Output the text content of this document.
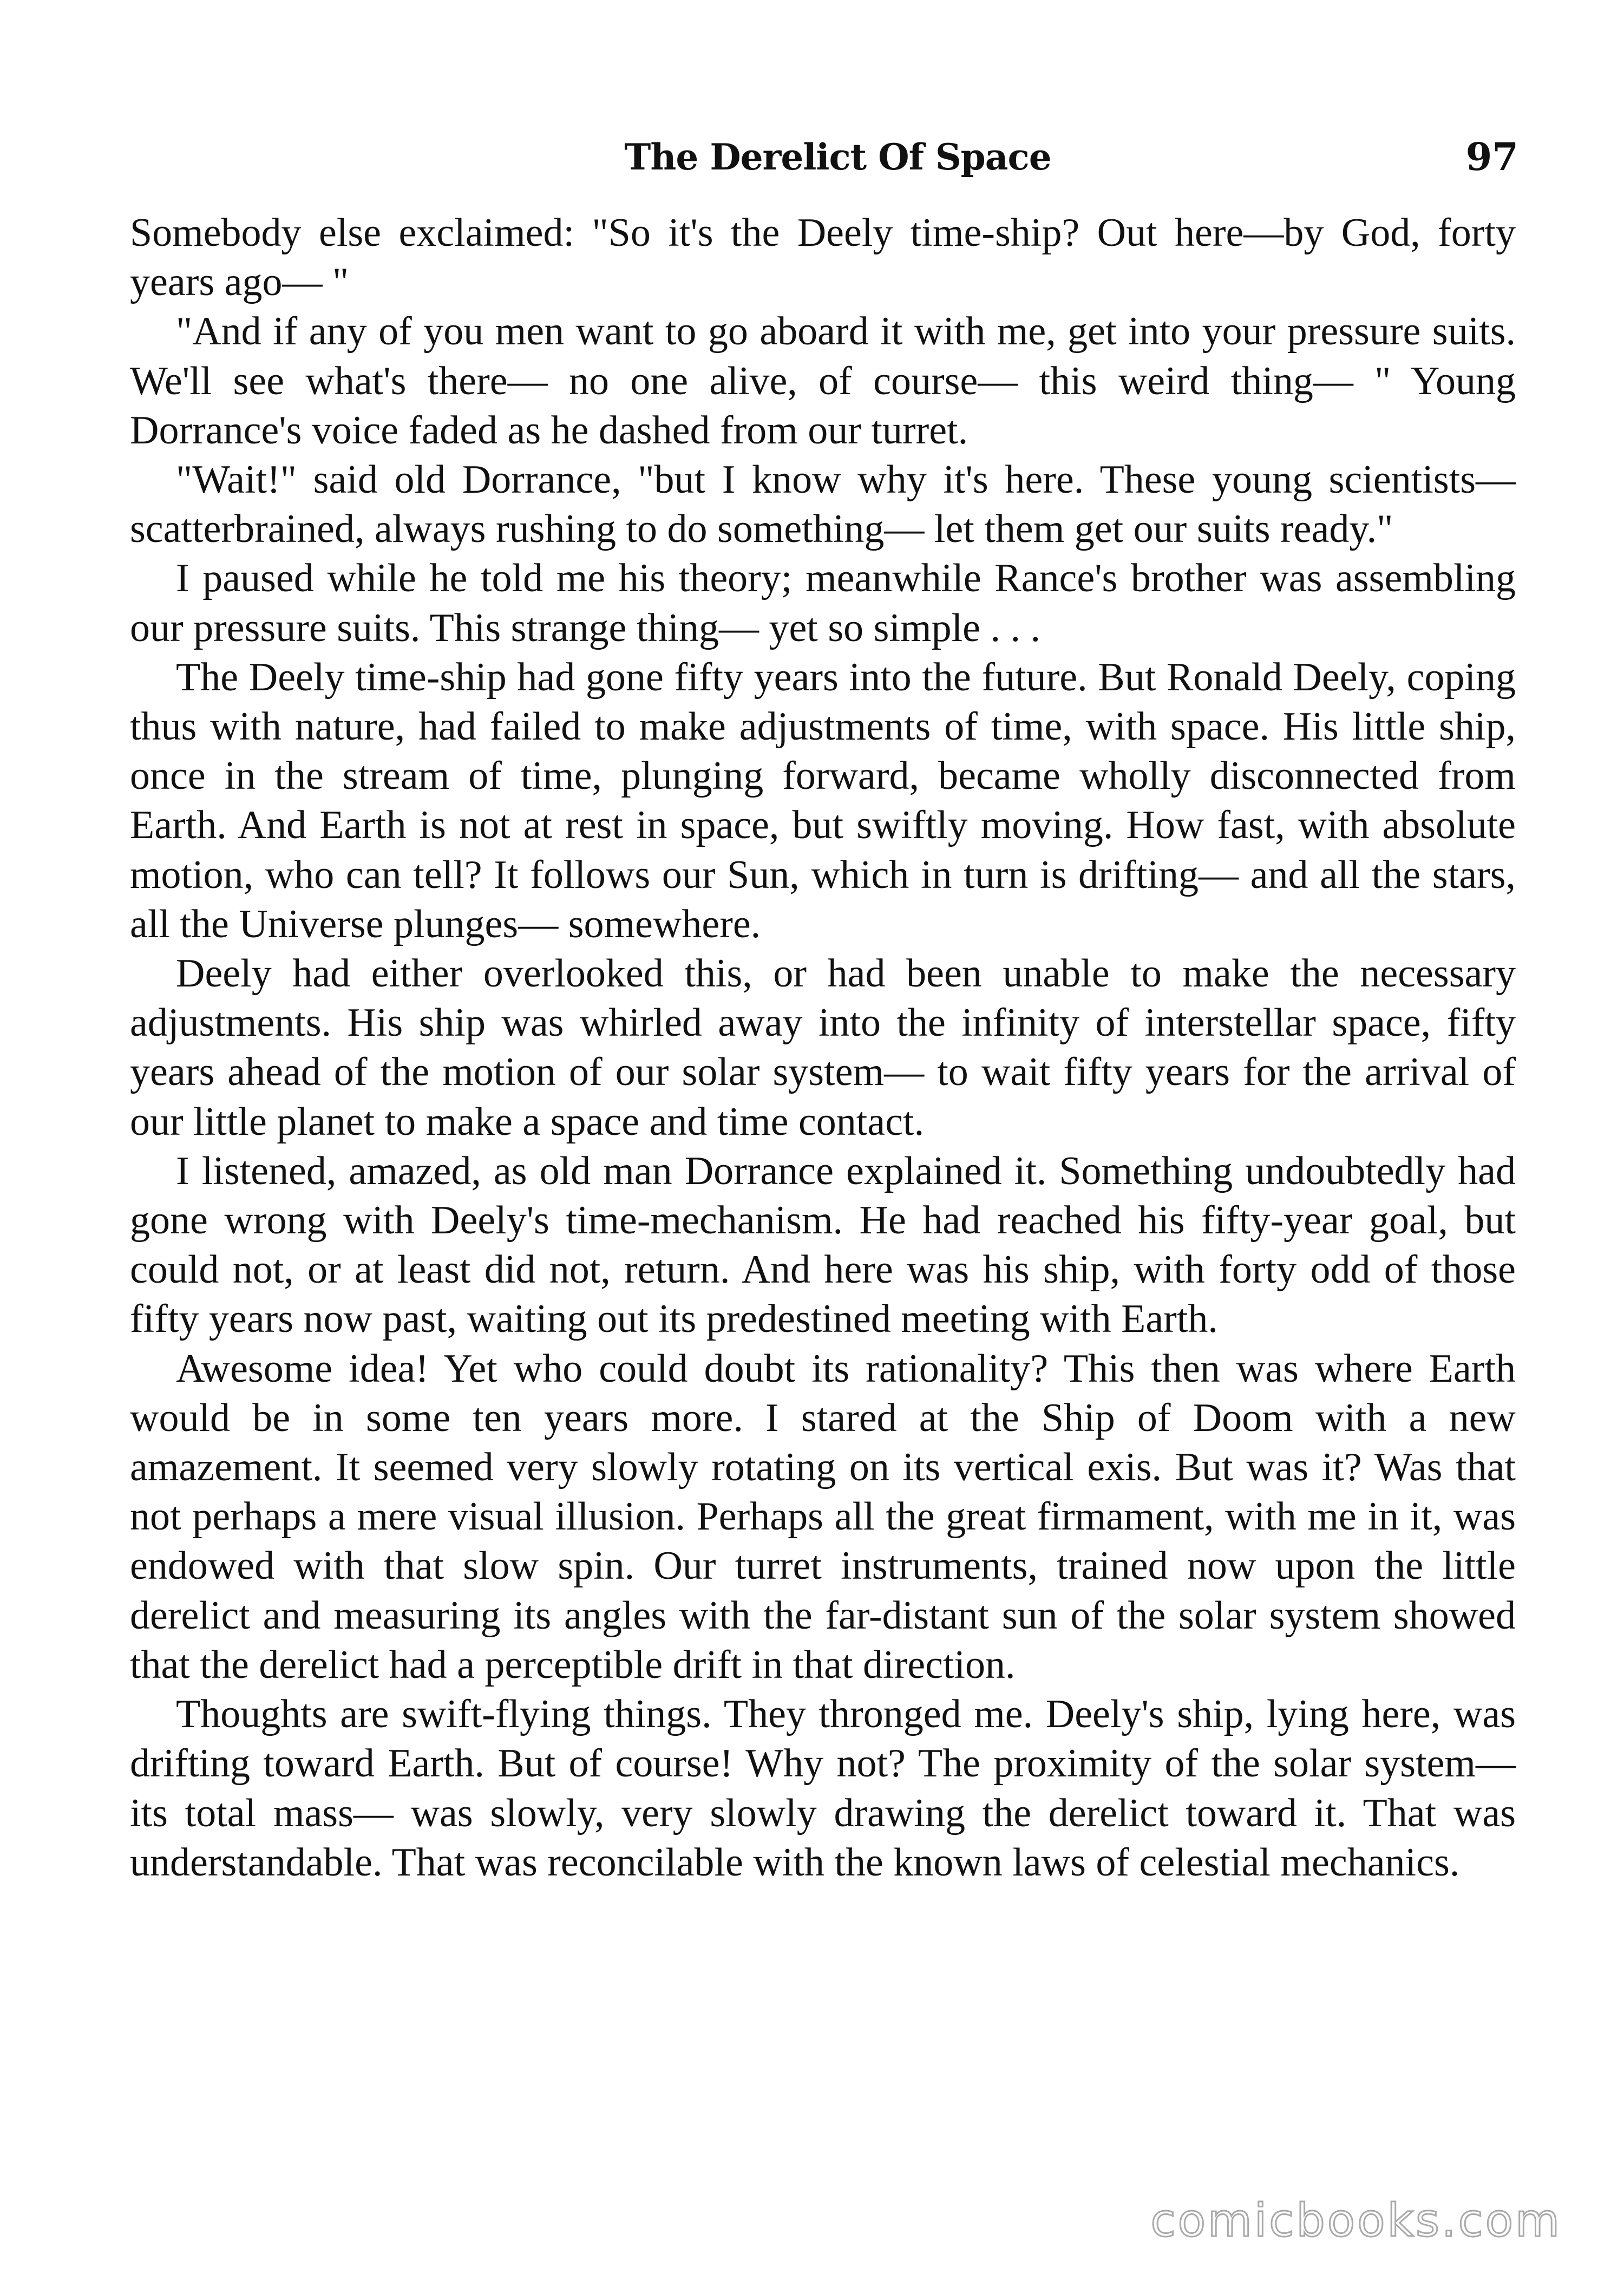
The Derelict Of Space	97

Somebody else exclaimed: "So it's the Deely time-ship? Out here—by God, forty years ago— "

"And if any of you men want to go aboard it with me, get into your pressure suits. We'll see what's there— no one alive, of course— this weird thing— " Young Dorrance's voice faded as he dashed from our turret.

"Wait!" said old Dorrance, "but I know why it's here. These young scientists— scatterbrained, always rushing to do something— let them get our suits ready."

I paused while he told me his theory; meanwhile Rance's brother was assembling our pressure suits. This strange thing— yet so simple . . .

The Deely time-ship had gone fifty years into the future. But Ronald Deely, coping thus with nature, had failed to make adjustments of time, with space. His little ship, once in the stream of time, plunging forward, became wholly disconnected from Earth. And Earth is not at rest in space, but swiftly moving. How fast, with absolute motion, who can tell? It follows our Sun, which in turn is drifting— and all the stars, all the Universe plunges— somewhere.

Deely had either overlooked this, or had been unable to make the necessary adjustments. His ship was whirled away into the infinity of interstellar space, fifty years ahead of the motion of our solar system— to wait fifty years for the arrival of our little planet to make a space and time contact.

I listened, amazed, as old man Dorrance explained it. Something undoubtedly had gone wrong with Deely's time-mechanism. He had reached his fifty-year goal, but could not, or at least did not, return. And here was his ship, with forty odd of those fifty years now past, waiting out its predestined meeting with Earth.

Awesome idea! Yet who could doubt its rationality? This then was where Earth would be in some ten years more. I stared at the Ship of Doom with a new amazement. It seemed very slowly rotating on its vertical exis. But was it? Was that not perhaps a mere visual illusion. Perhaps all the great firmament, with me in it, was endowed with that slow spin. Our turret instruments, trained now upon the little derelict and measuring its angles with the far-distant sun of the solar system showed that the derelict had a perceptible drift in that direction.

Thoughts are swift-flying things. They thronged me. Deely's ship, lying here, was drifting toward Earth. But of course! Why not? The proximity of the solar system— its total mass— was slowly, very slowly drawing the derelict toward it. That was understandable. That was reconcilable with the known laws of celestial mechanics.

comicbooks.com
